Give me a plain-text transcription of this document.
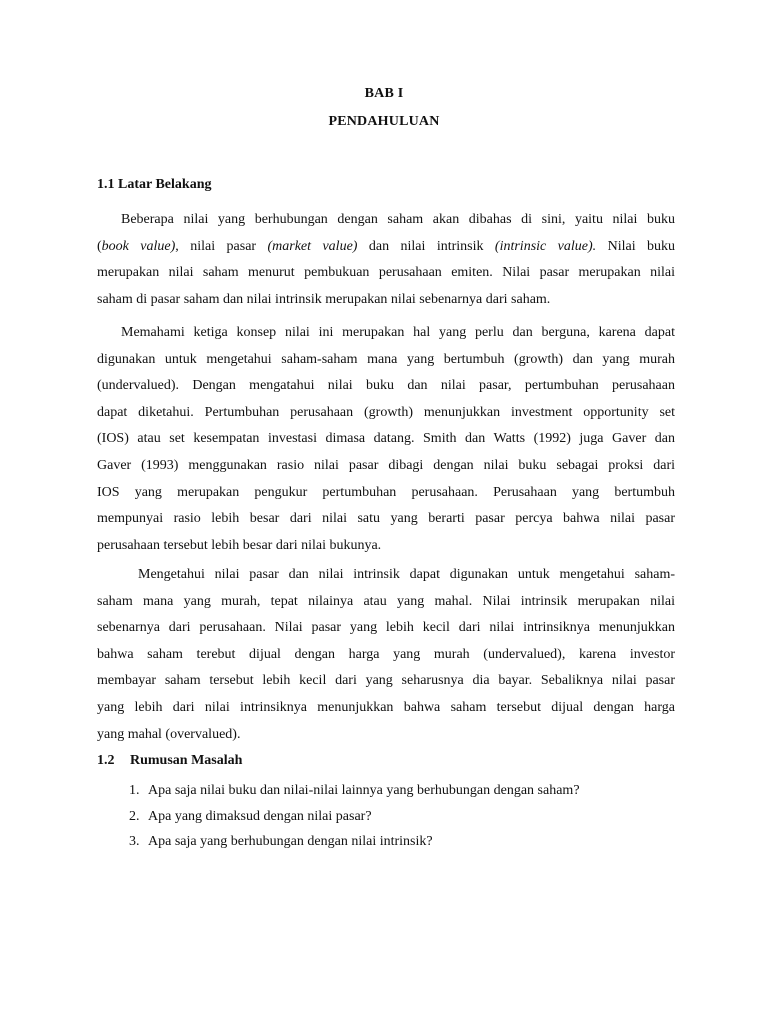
BAB I
PENDAHULUAN
1.1 Latar Belakang

Beberapa nilai yang berhubungan dengan saham akan dibahas di sini, yaitu nilai buku
(book value), nilai pasar (market value) dan nilai intrinsik (intrinsic value). Nilai buku
merupakan nilai saham menurut pembukuan perusahaan emiten. Nilai pasar merupakan nilai
saham di pasar saham dan nilai intrinsik merupakan nilai sebenarnya dari saham.

Memahami ketiga konsep nilai ini merupakan hal yang perlu dan berguna, karena dapat
digunakan untuk mengetahui saham-saham mana yang bertumbuh (growth) dan yang murah
(undervalued). Dengan mengatahui nilai buku dan nilai pasar, pertumbuhan perusahaan
dapat diketahui. Pertumbuhan perusahaan (growth) menunjukkan investment opportunity set
(IOS) atau set kesempatan investasi dimasa datang. Smith dan Watts (1992) juga Gaver dan
Gaver (1993) menggunakan rasio nilai pasar dibagi dengan nilai buku sebagai proksi dari
IOS yang merupakan pengukur pertumbuhan perusahaan. Perusahaan yang bertumbuh
mempunyai rasio lebih besar dari nilai satu yang berarti pasar percya bahwa nilai pasar
perusahaan tersebut lebih besar dari nilai bukunya.

Mengetahui nilai pasar dan nilai intrinsik dapat digunakan untuk mengetahui saham-
saham mana yang murah, tepat nilainya atau yang mahal. Nilai intrinsik merupakan nilai
sebenarnya dari perusahaan. Nilai pasar yang lebih kecil dari nilai intrinsiknya menunjukkan
bahwa saham terebut dijual dengan harga yang murah (undervalued), karena investor
membayar saham tersebut lebih kecil dari yang seharusnya dia bayar. Sebaliknya nilai pasar
yang lebih dari nilai intrinsiknya menunjukkan bahwa saham tersebut dijual dengan harga
yang mahal (overvalued).

1.2 Rumusan Masalah
1. Apa saja nilai buku dan nilai-nilai lainnya yang berhubungan dengan saham?
2. Apa yang dimaksud dengan nilai pasar?
3. Apa saja yang berhubungan dengan nilai intrinsik?
